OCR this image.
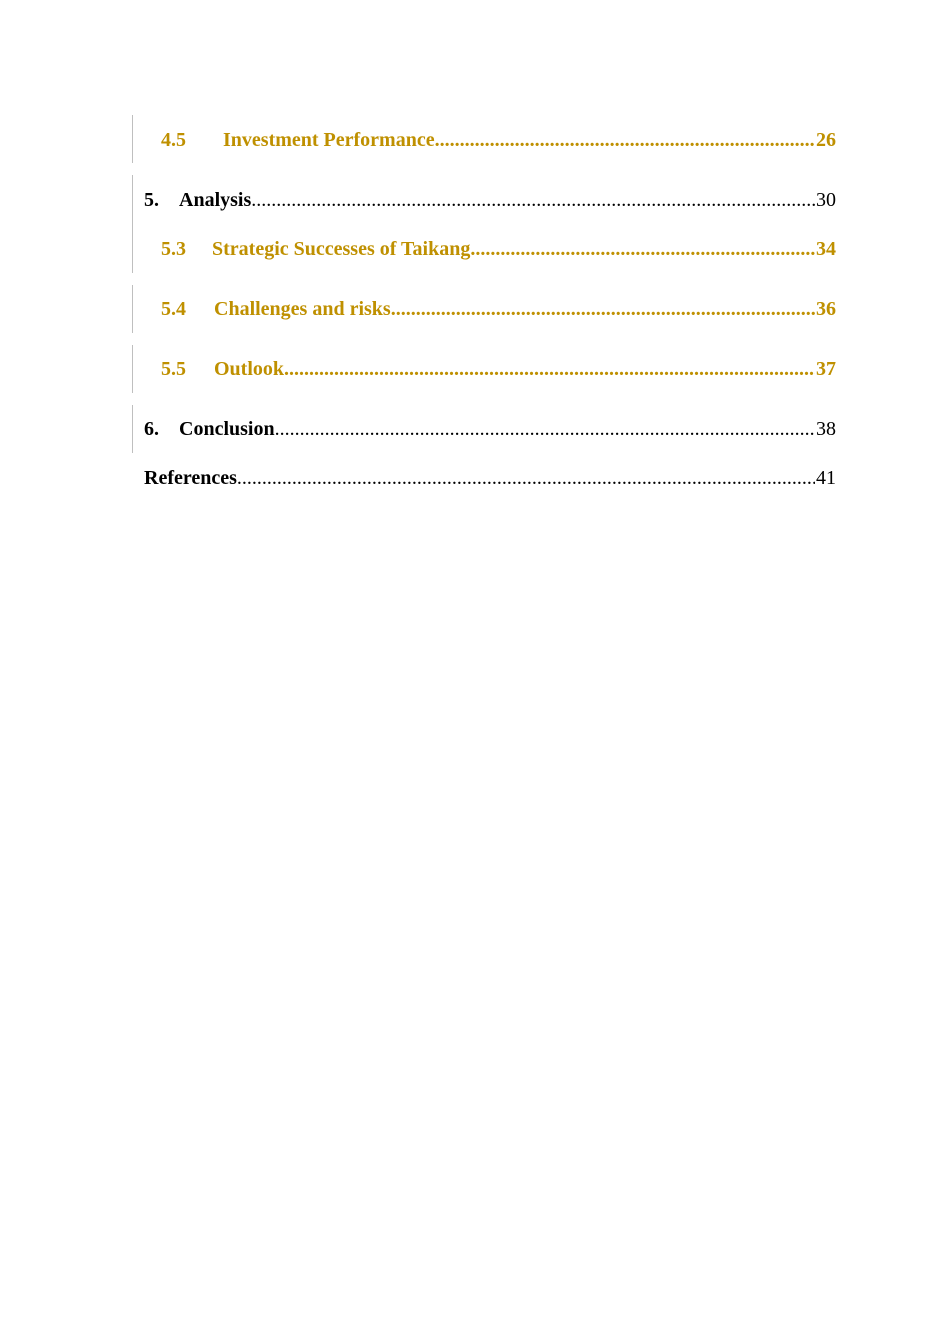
4.5	Investment Performance .....	26
5.	Analysis .....	30
5.3	Strategic Successes of Taikang .....	34
5.4	Challenges and risks .....	36
5.5	Outlook .....	37
6.	Conclusion .....	38
References .....	41
